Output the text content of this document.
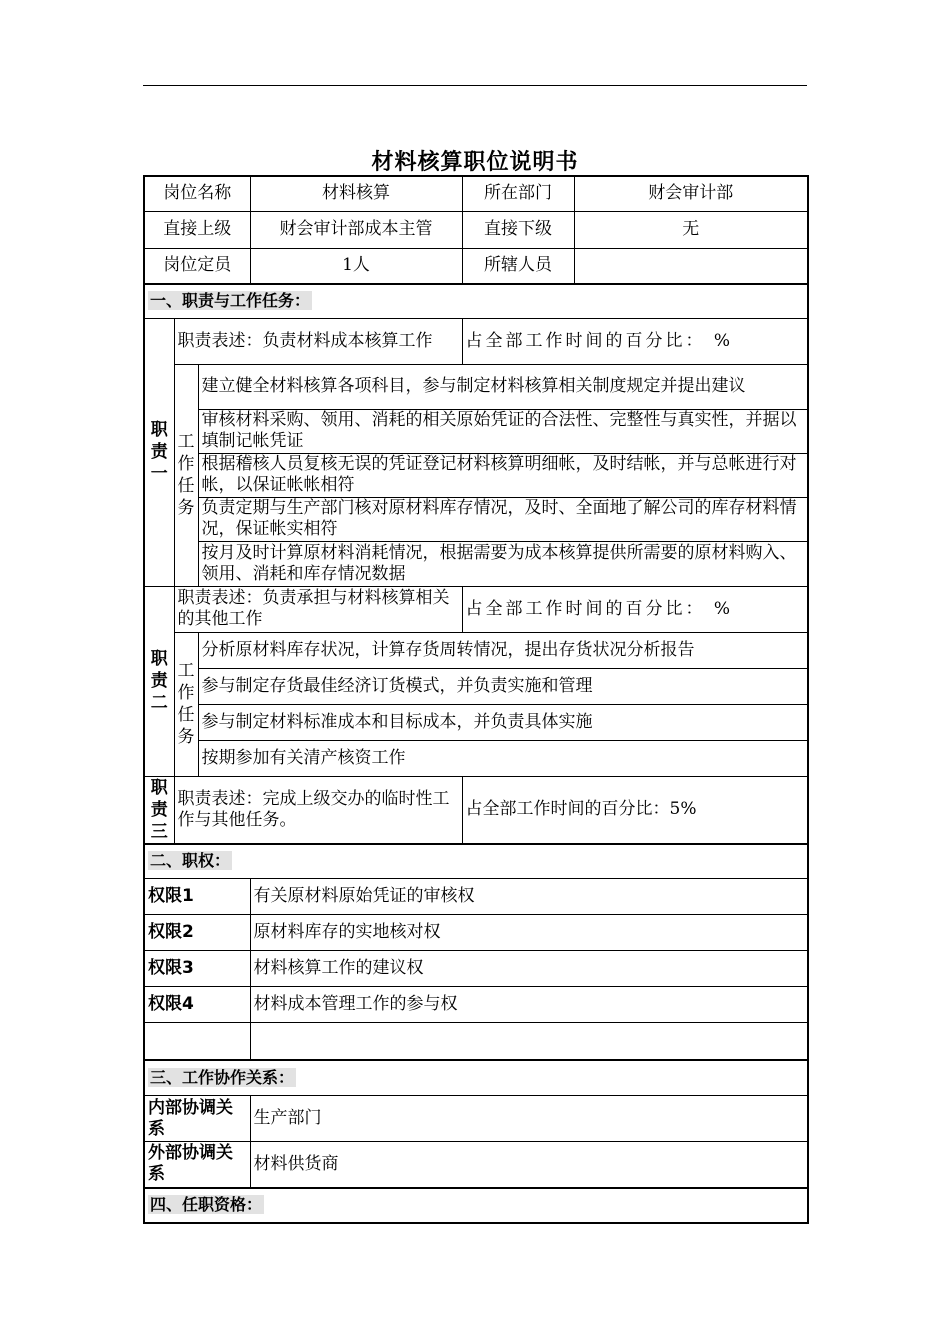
材料核算职位说明书
岗位名称			材料核算	所在部门	财会审计部
直接上级			财会审计部成本主管	直接下级	无
岗位定员			1人	所辖人员	
一、职责与工作任务：					

职
责
一	职责表述：负责材料成本核算工作			占全部工作时间的百分比： %	

	工
作
任
务	建立健全材料核算各项科目，参与制定材料核算相关制度规定并提出建议			
		审核材料采购、领用、消耗的相关原始凭证的合法性、完整性与真实性，并据以填制记帐凭证			
		根据稽核人员复核无误的凭证登记材料核算明细帐，及时结帐，并与总帐进行对帐，以保证帐帐相符			
		负责定期与生产部门核对原材料库存情况，及时、全面地了解公司的库存材料情况，保证帐实相符			
		按月及时计算原材料消耗情况，根据需要为成本核算提供所需要的原材料购入、领用、消耗和库存情况数据			

职
责
二	职责表述：负责承担与材料核算相关的其他工作			占全部工作时间的百分比： %	

	工
作
任
务	分析原材料库存状况，计算存货周转情况，提出存货状况分析报告			
		参与制定存货最佳经济订货模式，并负责实施和管理			
		参与制定材料标准成本和目标成本，并负责具体实施			
		按期参加有关清产核资工作			

职
责
三	职责表述：完成上级交办的临时性工作与其他任务。			占全部工作时间的百分比：5%	
二、职权：					
权限1			有关原材料原始凭证的审核权		
权限2			原材料库存的实地核对权		
权限3			材料核算工作的建议权		
权限4			材料成本管理工作的参与权		

三、工作协作关系：					
内部协调关系			生产部门		
外部协调关系			材料供货商		
四、任职资格：					
